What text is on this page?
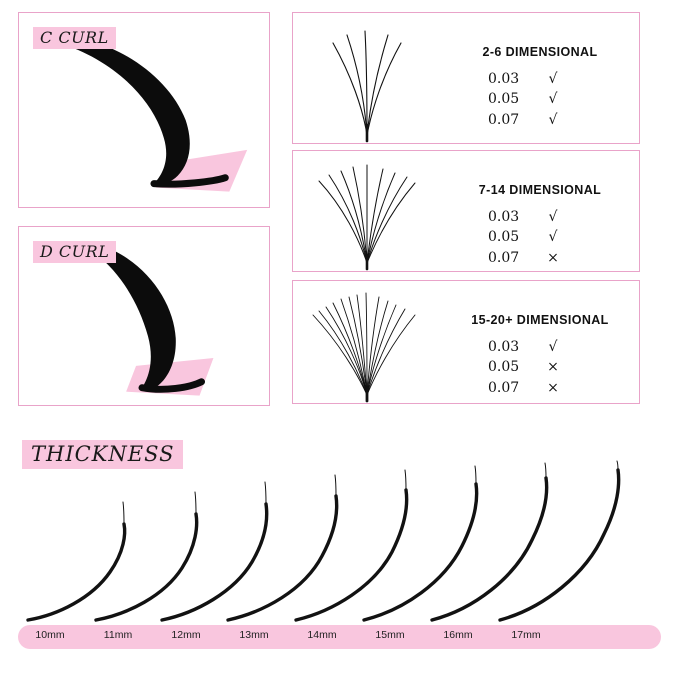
C CURL
D CURL
2-6 DIMENSIONAL
0.03	√
0.05	√
0.07	√
7-14 DIMENSIONAL
0.03	√
0.05	√
0.07	×
15-20+ DIMENSIONAL
0.03	√
0.05	×
0.07	×
THICKNESS
10mm	11mm	12mm	13mm	14mm	15mm	16mm	17mm
